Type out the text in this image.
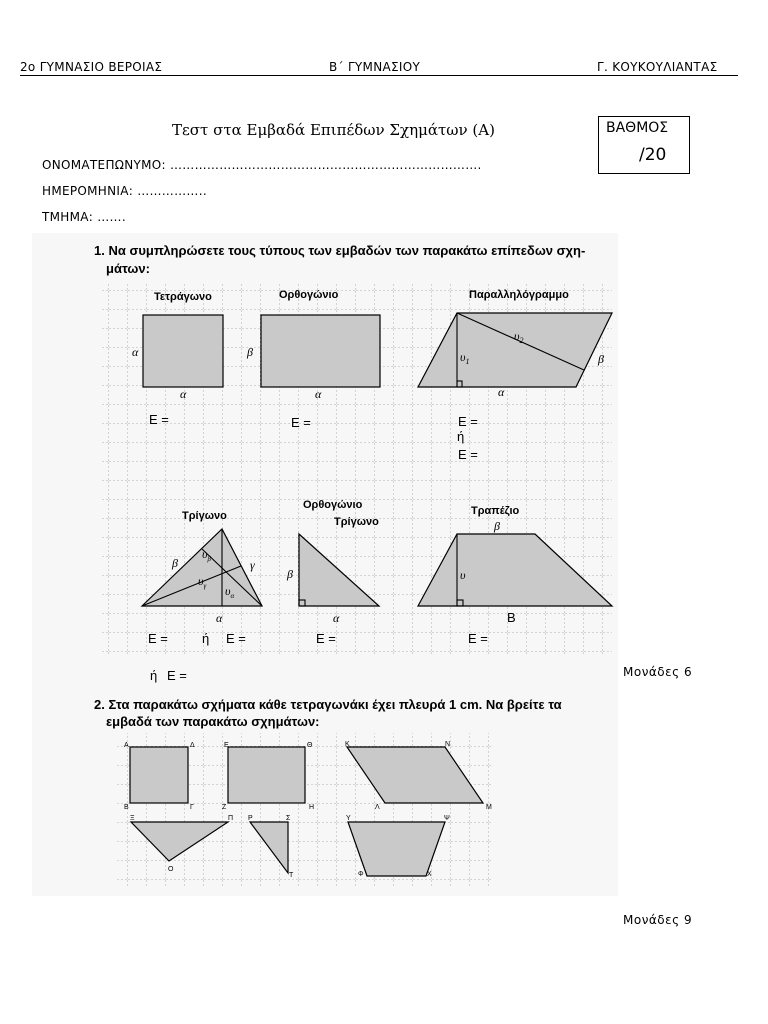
2ο ΓΥΜΝΑΣΙΟ ΒΕΡΟΙΑΣ	Β΄ ΓΥΜΝΑΣΙΟΥ	Γ. ΚΟΥΚΟΥΛΙΑΝΤΑΣ
Τεστ στα Εμβαδά Επιπέδων Σχημάτων (Α)	ΒΑΘΜΟΣ
/20
ΟΝΟΜΑΤΕΠΩΝΥΜΟ: ………………………………………………………………….
ΗΜΕΡΟΜΗΝΙΑ: ……………..
ΤΜΗΜΑ: …….
1. Να συμπληρώσετε τους τύπους των εμβαδών των παρακάτω επίπεδων σχη-
μάτων:
Τετράγωνο
α
α
Ε =
Ορθογώνιο
β
α
Ε =
Παραλληλόγραμμο
$\upsilon_1$
$\upsilon_2$
β
α
Ε =
ή
Ε =
Τρίγωνο
β	γ
α
$\upsilon_\beta$
$\upsilon_\gamma$ $\upsilon_\alpha$
Ε =	ή Ε =
ή Ε =
Ορθογώνιο
Τρίγωνο
β
α
Ε =
Τραπέζιο
β
υ
Β
Ε =
2. Στα παρακάτω σχήματα κάθε τετραγωνάκι έχει πλευρά 1 cm. Να βρείτε τα
εμβαδά των παρακάτω σχημάτων:
Α	Δ
Β	Γ
Ε	Θ
Ζ	Η
Κ	Ν
Λ	Μ
Ξ	Π
Ο
Ρ	Σ
Τ
Υ	Ψ
Φ	Χ
Μονάδες 6
Μονάδες 9
